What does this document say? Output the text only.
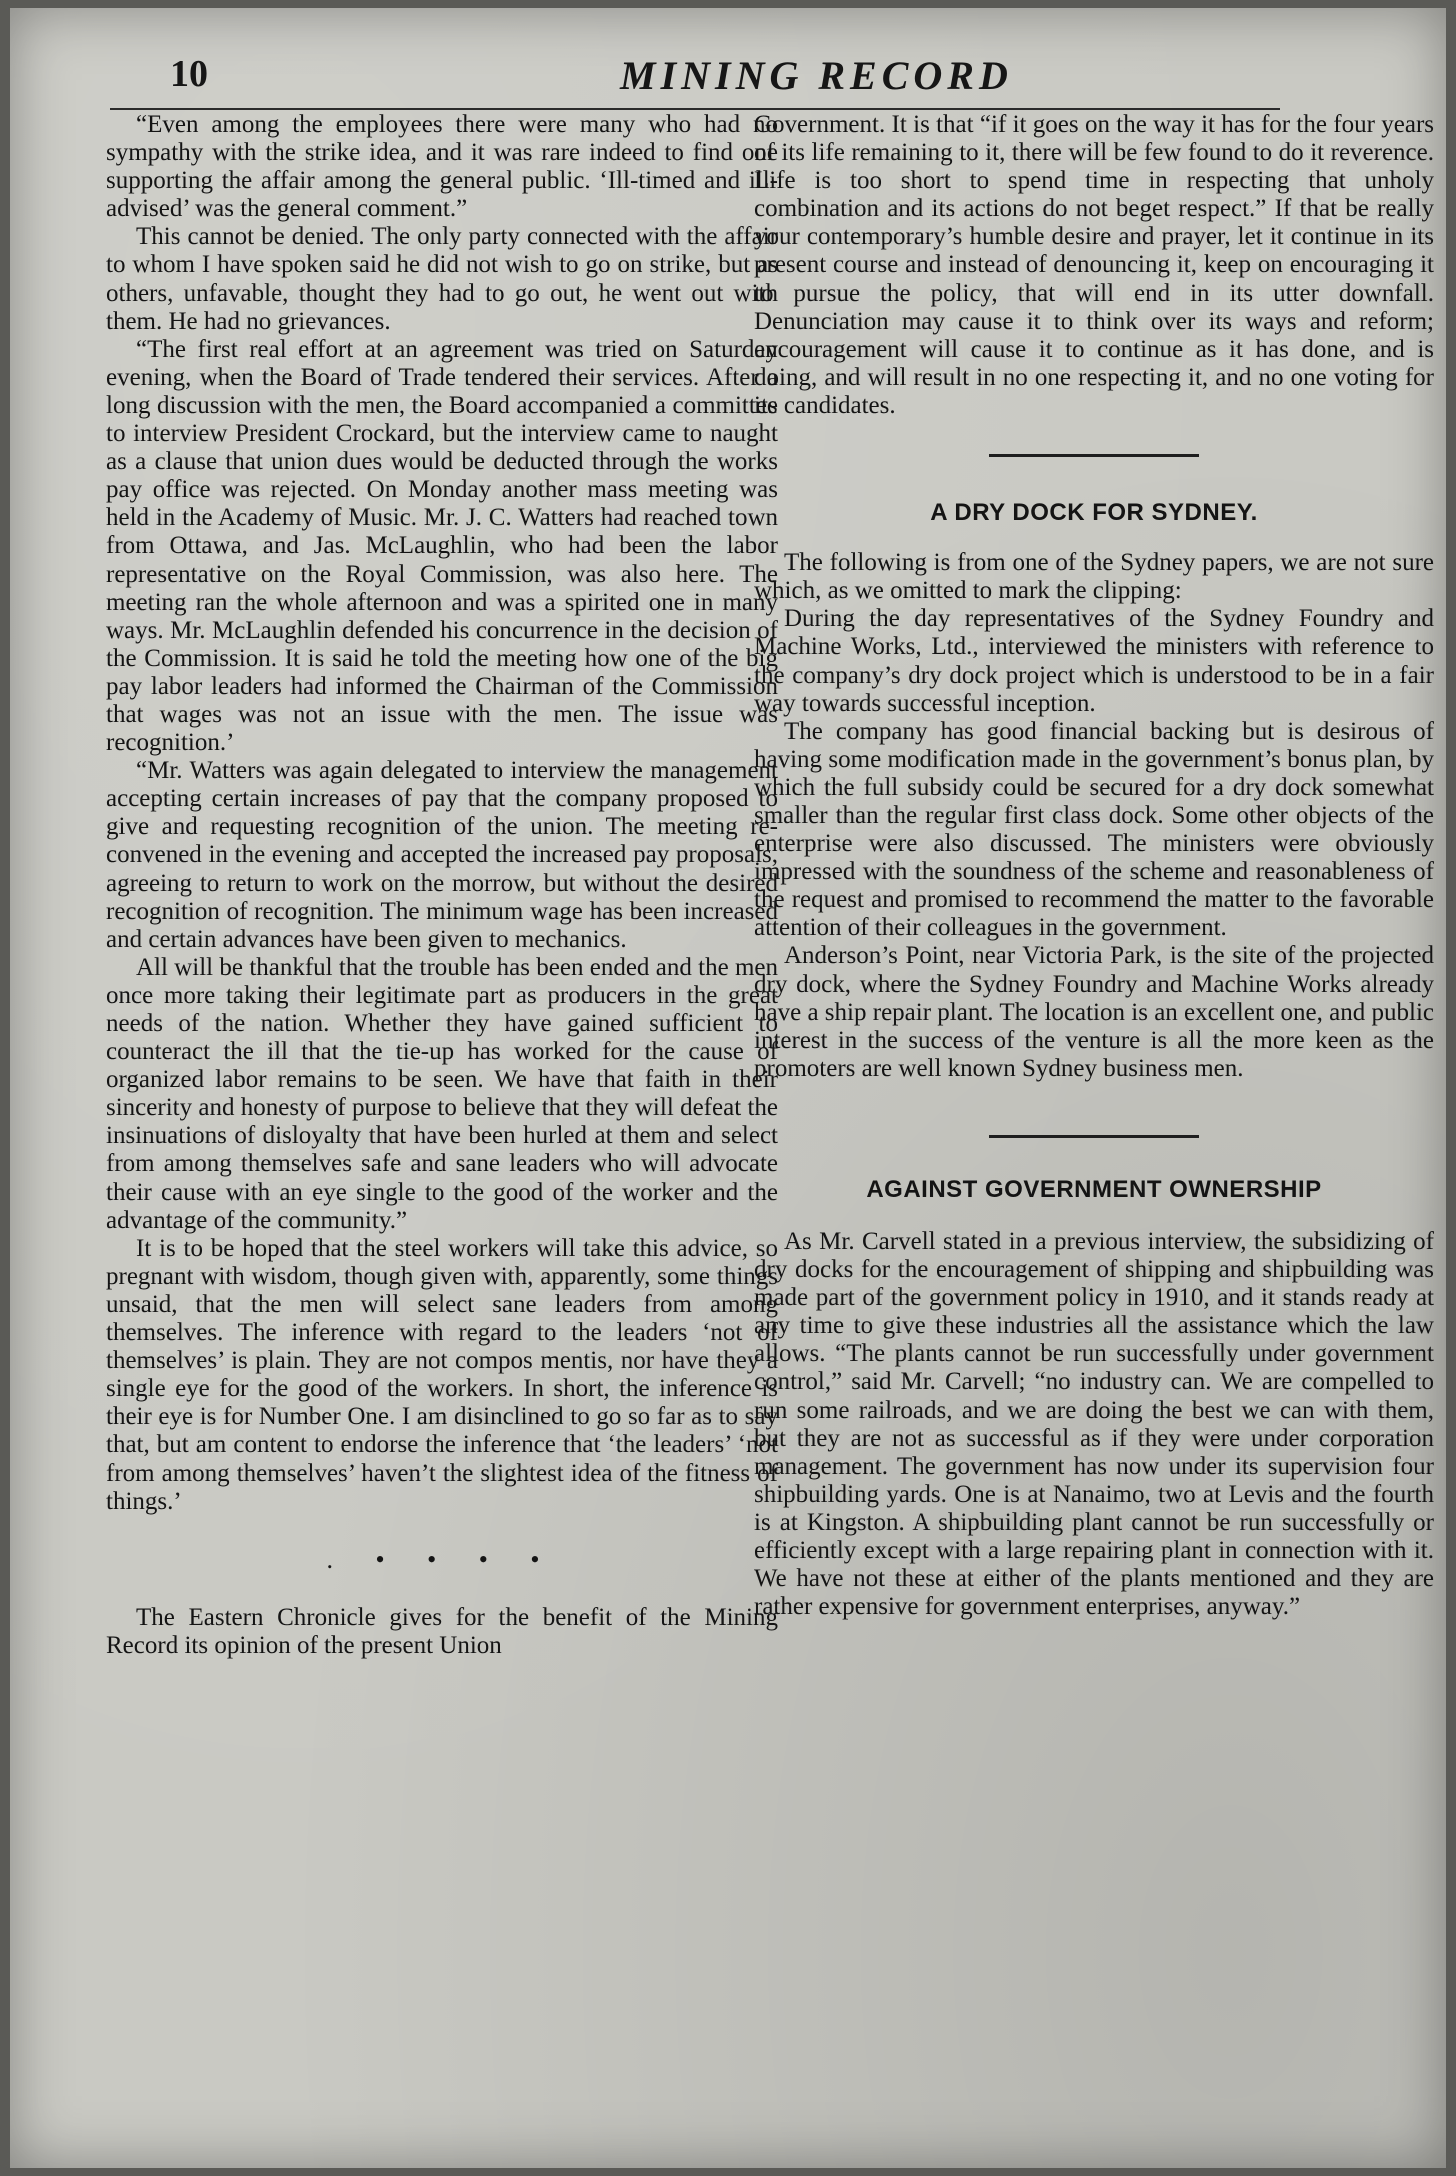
10	MINING RECORD

“Even among the employees there were many who had no sympathy with the strike idea, and it was rare indeed to find one supporting the affair among the general public. ‘Ill-timed and ill-advised’ was the general comment.”

This cannot be denied. The only party connected with the affair to whom I have spoken said he did not wish to go on strike, but as others, unfavable, thought they had to go out, he went out with them. He had no grievances.

“The first real effort at an agreement was tried on Saturday evening, when the Board of Trade tendered their services. After a long discussion with the men, the Board accompanied a committee to interview President Crockard, but the interview came to naught as a clause that union dues would be deducted through the works pay office was rejected. On Monday another mass meeting was held in the Academy of Music. Mr. J. C. Watters had reached town from Ottawa, and Jas. McLaughlin, who had been the labor representative on the Royal Commission, was also here. The meeting ran the whole afternoon and was a spirited one in many ways. Mr. McLaughlin defended his concurrence in the decision of the Commission. It is said he told the meeting how one of the big pay labor leaders had informed the Chairman of the Commission that wages was not an issue with the men. The issue was recognition.’

“Mr. Watters was again delegated to interview the management accepting certain increases of pay that the company proposed to give and requesting recognition of the union. The meeting re-convened in the evening and accepted the increased pay proposals, agreeing to return to work on the morrow, but without the desired recognition of recognition. The minimum wage has been increased and certain advances have been given to mechanics.

All will be thankful that the trouble has been ended and the men once more taking their legitimate part as producers in the great needs of the nation. Whether they have gained sufficient to counteract the ill that the tie-up has worked for the cause of organized labor remains to be seen. We have that faith in their sincerity and honesty of purpose to believe that they will defeat the insinuations of disloyalty that have been hurled at them and select from among themselves safe and sane leaders who will advocate their cause with an eye single to the good of the worker and the advantage of the community.”

It is to be hoped that the steel workers will take this advice, so pregnant with wisdom, though given with, apparently, some things unsaid, that the men will select sane leaders from among themselves. The inference with regard to the leaders ‘not of themselves’ is plain. They are not compos mentis, nor have they a single eye for the good of the workers. In short, the inference is their eye is for Number One. I am disinclined to go so far as to say that, but am content to endorse the inference that ‘the leaders’ ‘not from among themselves’ haven’t the slightest idea of the fitness of things.’

. • • • •

The Eastern Chronicle gives for the benefit of the Mining Record its opinion of the present Union

Government. It is that “if it goes on the way it has for the four years of its life remaining to it, there will be few found to do it reverence. Life is too short to spend time in respecting that unholy combination and its actions do not beget respect.” If that be really your contemporary’s humble desire and prayer, let it continue in its present course and instead of denouncing it, keep on encouraging it to pursue the policy, that will end in its utter downfall. Denunciation may cause it to think over its ways and reform; encouragement will cause it to continue as it has done, and is doing, and will result in no one respecting it, and no one voting for its candidates.

A DRY DOCK FOR SYDNEY.

The following is from one of the Sydney papers, we are not sure which, as we omitted to mark the clipping:

During the day representatives of the Sydney Foundry and Machine Works, Ltd., interviewed the ministers with reference to the company’s dry dock project which is understood to be in a fair way towards successful inception.

The company has good financial backing but is desirous of having some modification made in the government’s bonus plan, by which the full subsidy could be secured for a dry dock somewhat smaller than the regular first class dock. Some other objects of the enterprise were also discussed. The ministers were obviously impressed with the soundness of the scheme and reasonableness of the request and promised to recommend the matter to the favorable attention of their colleagues in the government.

Anderson’s Point, near Victoria Park, is the site of the projected dry dock, where the Sydney Foundry and Machine Works already have a ship repair plant. The location is an excellent one, and public interest in the success of the venture is all the more keen as the promoters are well known Sydney business men.

AGAINST GOVERNMENT OWNERSHIP

As Mr. Carvell stated in a previous interview, the subsidizing of dry docks for the encouragement of shipping and shipbuilding was made part of the government policy in 1910, and it stands ready at any time to give these industries all the assistance which the law allows. “The plants cannot be run successfully under government control,” said Mr. Carvell; “no industry can. We are compelled to run some railroads, and we are doing the best we can with them, but they are not as successful as if they were under corporation management. The government has now under its supervision four shipbuilding yards. One is at Nanaimo, two at Levis and the fourth is at Kingston. A shipbuilding plant cannot be run successfully or efficiently except with a large repairing plant in connection with it. We have not these at either of the plants mentioned and they are rather expensive for government enterprises, anyway.”
